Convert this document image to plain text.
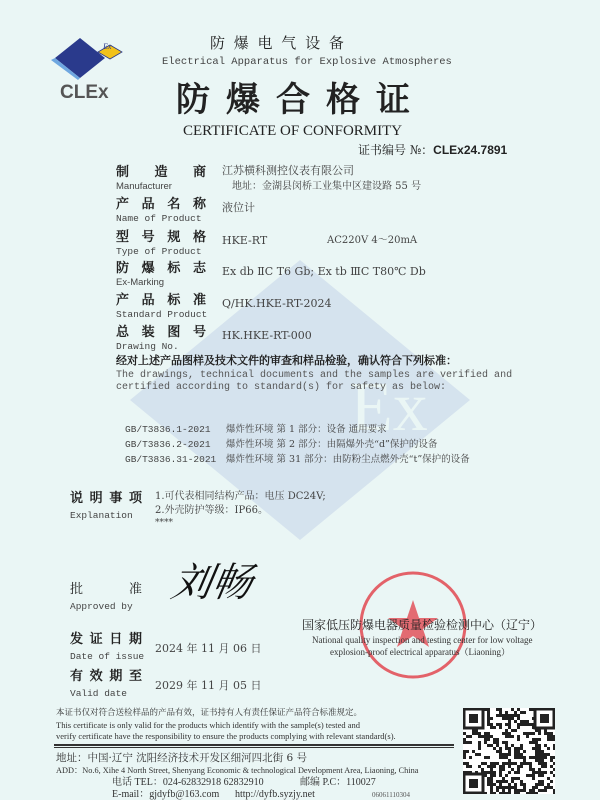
Ex
Ex
CLEx
防 爆 电 气 设 备
Electrical Apparatus for Explosive Atmospheres
防爆合格证
CERTIFICATE OF CONFORMITY
证书编号 №：CLEx24.7891
制 造 商
Manufacturer
江苏横科测控仪表有限公司
地址：金湖县闵桥工业集中区建设路 55 号
产 品 名 称
Name of Product
液位计
型 号 规 格
Type of Product
HKE-RT	AC220V 4～20mA
防 爆 标 志
Ex-Marking
Ex db ⅡC T6 Gb; Ex tb ⅢC T80℃ Db
产 品 标 准
Standard Product
Q/HK.HKE-RT-2024
总 装 图 号
Drawing No.
HK.HKE-RT-000
经对上述产品图样及技术文件的审查和样品检验，确认符合下列标准：
The drawings, technical documents and the samples are verified and
certified according to standard(s) for safety as below:
GB/T3836.1-2021 爆炸性环境 第 1 部分：设备 通用要求
GB/T3836.2-2021 爆炸性环境 第 2 部分：由隔爆外壳“d”保护的设备
GB/T3836.31-2021 爆炸性环境 第 31 部分：由防粉尘点燃外壳“t”保护的设备
说 明 事 项
Explanation
1.可代表相同结构产品：电压 DC24V;
2.外壳防护等级：IP66。
****
批	准
Approved by
刘畅
发 证 日 期
Date of issue
2024 年 11 月 06 日
有 效 期 至
Valid date
2029 年 11 月 05 日
国家低压防爆电器质量检验检测中心（辽宁）
National quality inspection and testing center for low voltage
explosion-proof electrical apparatus（Liaoning）
本证书仅对符合送检样品的产品有效，证书持有人有责任保证产品符合标准规定。
This certificate is only valid for the products which identify with the sample(s) tested and
verify certificate have the responsibility to ensure the products complying with relevant standard(s).
地址：中国·辽宁 沈阳经济技术开发区细河四北街 6 号
ADD：No.6, Xihe 4 North Street, Shenyang Economic & technological Development Area, Liaoning, China
电话 TEL：024-62832918 62832910	邮编 P.C：110027
E-mail：gjdyfb@163.com http://dyfb.syzjy.net	06061110304
